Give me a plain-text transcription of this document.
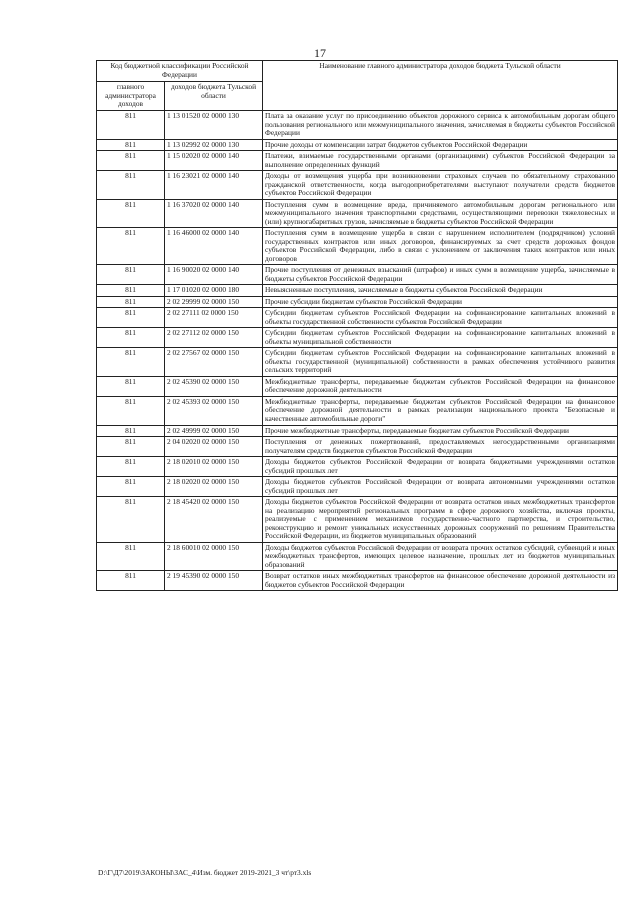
17
Код бюджетной классификации Российской Федерации		Наименование главного администратора доходов бюджета Тульской области
главного администратора доходов	доходов бюджета Тульской области	
811	1 13 01520 02 0000 130	Плата за оказание услуг по присоединению объектов дорожного сервиса к автомобильным дорогам общего пользования регионального или межмуниципального значения, зачисляемая в бюджеты субъектов Российской Федерации
811	1 13 02992 02 0000 130	Прочие доходы от компенсации затрат бюджетов субъектов Российской Федерации
811	1 15 02020 02 0000 140	Платежи, взимаемые государственными органами (организациями) субъектов Российской Федерации за выполнение определенных функций
811	1 16 23021 02 0000 140	Доходы от возмещения ущерба при возникновении страховых случаев по обязательному страхованию гражданской ответственности, когда выгодоприобретателями выступают получатели средств бюджетов субъектов Российской Федерации
811	1 16 37020 02 0000 140	Поступления сумм в возмещение вреда, причиняемого автомобильным дорогам регионального или межмуниципального значения транспортными средствами, осуществляющими перевозки тяжеловесных и (или) крупногабаритных грузов, зачисляемые в бюджеты субъектов Российской Федерации
811	1 16 46000 02 0000 140	Поступления сумм в возмещение ущерба в связи с нарушением исполнителем (подрядчиком) условий государственных контрактов или иных договоров, финансируемых за счет средств дорожных фондов субъектов Российской Федерации, либо в связи с уклонением от заключения таких контрактов или иных договоров
811	1 16 90020 02 0000 140	Прочие поступления от денежных взысканий (штрафов) и иных сумм в возмещение ущерба, зачисляемые в бюджеты субъектов Российской Федерации
811	1 17 01020 02 0000 180	Невыясненные поступления, зачисляемые в бюджеты субъектов Российской Федерации
811	2 02 29999 02 0000 150	Прочие субсидии бюджетам субъектов Российской Федерации
811	2 02 27111 02 0000 150	Субсидии бюджетам субъектов Российской Федерации на софинансирование капитальных вложений в объекты государственной собственности субъектов Российской Федерации
811	2 02 27112 02 0000 150	Субсидии бюджетам субъектов Российской Федерации на софинансирование капитальных вложений в объекты муниципальной собственности
811	2 02 27567 02 0000 150	Субсидии бюджетам субъектов Российской Федерации на софинансирование капитальных вложений в объекты государственной (муниципальной) собственности в рамках обеспечения устойчивого развития сельских территорий
811	2 02 45390 02 0000 150	Межбюджетные трансферты, передаваемые бюджетам субъектов Российской Федерации на финансовое обеспечение дорожной деятельности
811	2 02 45393 02 0000 150	Межбюджетные трансферты, передаваемые бюджетам субъектов Российской Федерации на финансовое обеспечение дорожной деятельности в рамках реализации национального проекта "Безопасные и качественные автомобильные дороги"
811	2 02 49999 02 0000 150	Прочие межбюджетные трансферты, передаваемые бюджетам субъектов Российской Федерации
811	2 04 02020 02 0000 150	Поступления от денежных пожертвований, предоставляемых негосударственными организациями получателям средств бюджетов субъектов Российской Федерации
811	2 18 02010 02 0000 150	Доходы бюджетов субъектов Российской Федерации от возврата бюджетными учреждениями остатков субсидий прошлых лет
811	2 18 02020 02 0000 150	Доходы бюджетов субъектов Российской Федерации от возврата автономными учреждениями остатков субсидий прошлых лет
811	2 18 45420 02 0000 150	Доходы бюджетов субъектов Российской Федерации от возврата остатков иных межбюджетных трансфертов на реализацию мероприятий региональных программ в сфере дорожного хозяйства, включая проекты, реализуемые с применением механизмов государственно-частного партнерства, и строительство, реконструкцию и ремонт уникальных искусственных дорожных сооружений по решениям Правительства Российской Федерации, из бюджетов муниципальных образований
811	2 18 60010 02 0000 150	Доходы бюджетов субъектов Российской Федерации от возврата прочих остатков субсидий, субвенций и иных межбюджетных трансфертов, имеющих целевое назначение, прошлых лет из бюджетов муниципальных образований
811	2 19 45390 02 0000 150	Возврат остатков иных межбюджетных трансфертов на финансовое обеспечение дорожной деятельности из бюджетов субъектов Российской Федерации
D:\Г\Д7\2019\ЗАКОНЫ\ЗАС_4\Изм. бюджет 2019-2021_3 чт\рт3.xls
